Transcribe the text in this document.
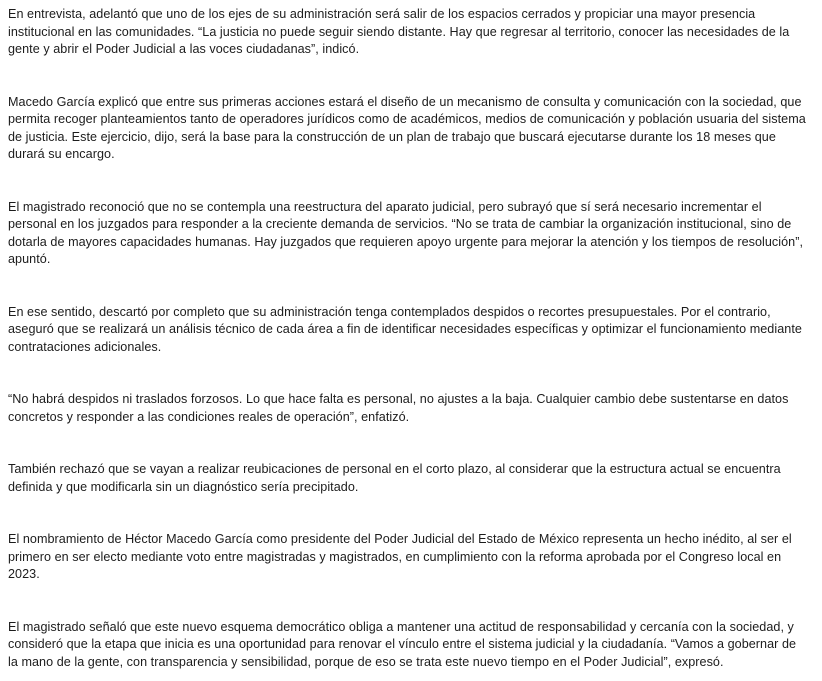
En entrevista, adelantó que uno de los ejes de su administración será salir de los espacios cerrados y propiciar una mayor presencia institucional en las comunidades. “La justicia no puede seguir siendo distante. Hay que regresar al territorio, conocer las necesidades de la gente y abrir el Poder Judicial a las voces ciudadanas”, indicó.

Macedo García explicó que entre sus primeras acciones estará el diseño de un mecanismo de consulta y comunicación con la sociedad, que permita recoger planteamientos tanto de operadores jurídicos como de académicos, medios de comunicación y población usuaria del sistema de justicia. Este ejercicio, dijo, será la base para la construcción de un plan de trabajo que buscará ejecutarse durante los 18 meses que durará su encargo.

El magistrado reconoció que no se contempla una reestructura del aparato judicial, pero subrayó que sí será necesario incrementar el personal en los juzgados para responder a la creciente demanda de servicios. “No se trata de cambiar la organización institucional, sino de dotarla de mayores capacidades humanas. Hay juzgados que requieren apoyo urgente para mejorar la atención y los tiempos de resolución”, apuntó.

En ese sentido, descartó por completo que su administración tenga contemplados despidos o recortes presupuestales. Por el contrario, aseguró que se realizará un análisis técnico de cada área a fin de identificar necesidades específicas y optimizar el funcionamiento mediante contrataciones adicionales.

“No habrá despidos ni traslados forzosos. Lo que hace falta es personal, no ajustes a la baja. Cualquier cambio debe sustentarse en datos concretos y responder a las condiciones reales de operación”, enfatizó.

También rechazó que se vayan a realizar reubicaciones de personal en el corto plazo, al considerar que la estructura actual se encuentra definida y que modificarla sin un diagnóstico sería precipitado.

El nombramiento de Héctor Macedo García como presidente del Poder Judicial del Estado de México representa un hecho inédito, al ser el primero en ser electo mediante voto entre magistradas y magistrados, en cumplimiento con la reforma aprobada por el Congreso local en 2023.

El magistrado señaló que este nuevo esquema democrático obliga a mantener una actitud de responsabilidad y cercanía con la sociedad, y consideró que la etapa que inicia es una oportunidad para renovar el vínculo entre el sistema judicial y la ciudadanía. “Vamos a gobernar de la mano de la gente, con transparencia y sensibilidad, porque de eso se trata este nuevo tiempo en el Poder Judicial”, expresó.
